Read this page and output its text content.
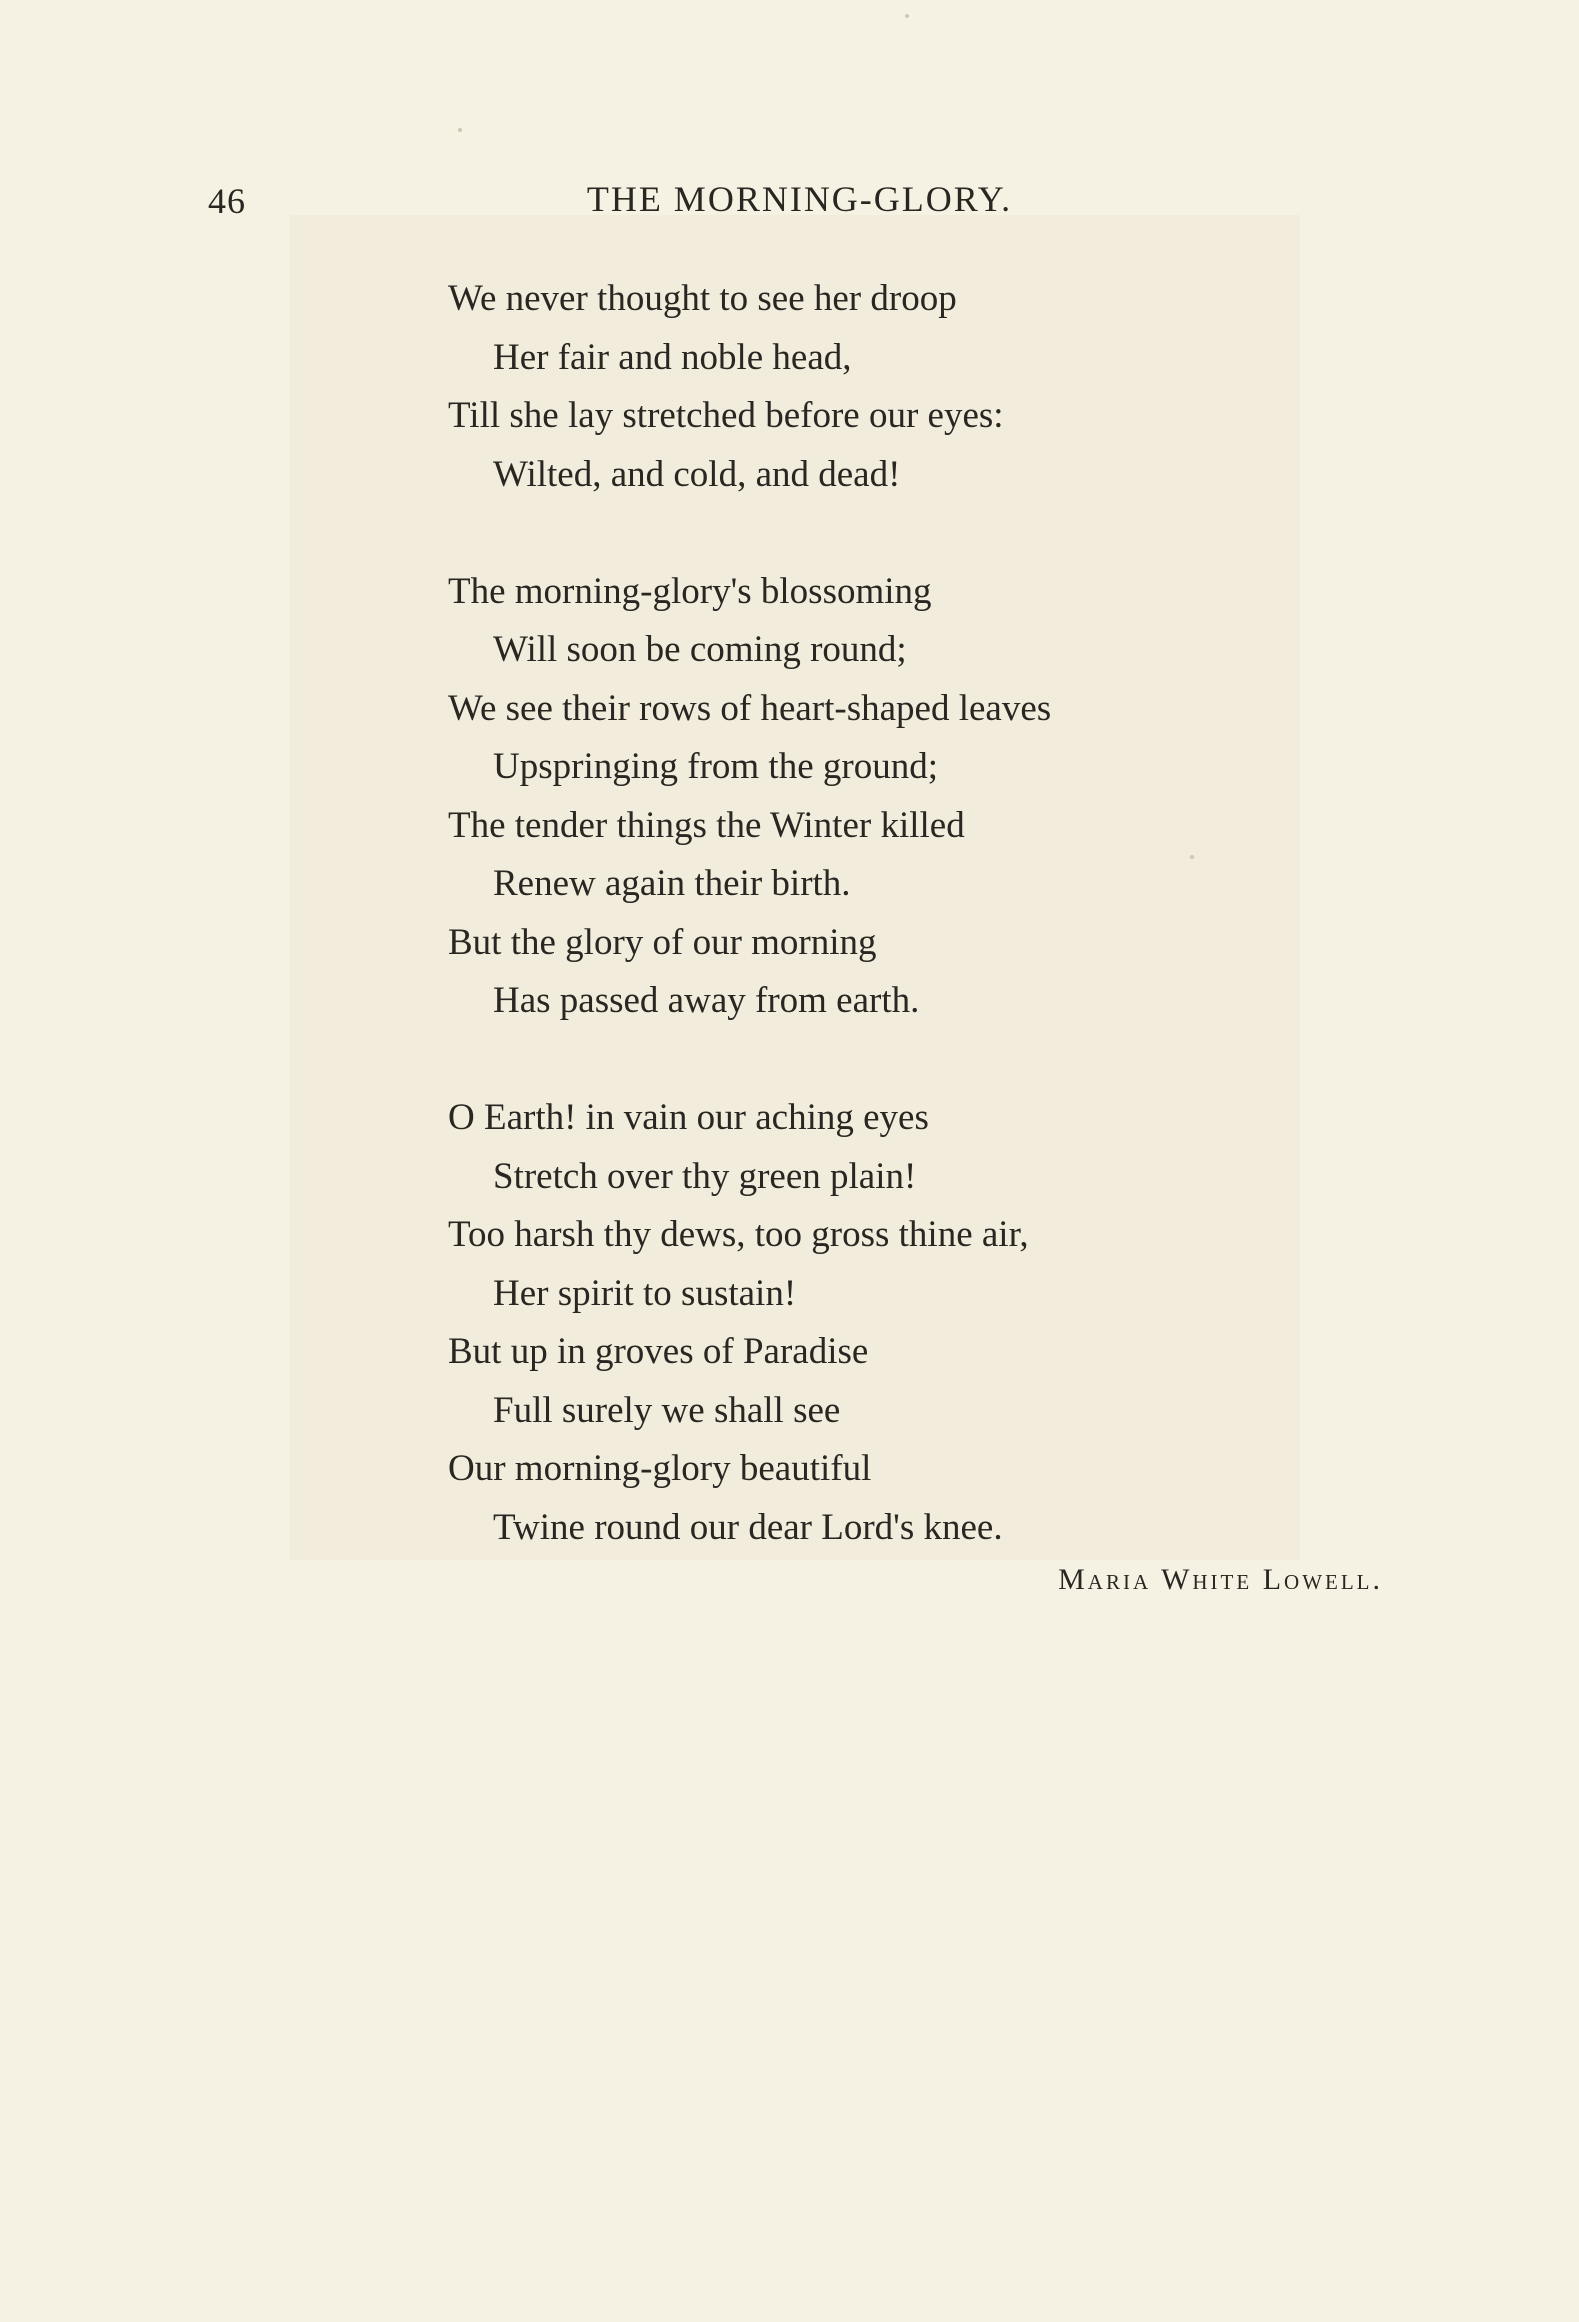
46	THE MORNING-GLORY.
We never thought to see her droop
Her fair and noble head,
Till she lay stretched before our eyes:
Wilted, and cold, and dead!
The morning-glory's blossoming
Will soon be coming round;
We see their rows of heart-shaped leaves
Upspringing from the ground;
The tender things the Winter killed
Renew again their birth.
But the glory of our morning
Has passed away from earth.
O Earth! in vain our aching eyes
Stretch over thy green plain!
Too harsh thy dews, too gross thine air,
Her spirit to sustain!
But up in groves of Paradise
Full surely we shall see
Our morning-glory beautiful
Twine round our dear Lord's knee.
Maria White Lowell.
